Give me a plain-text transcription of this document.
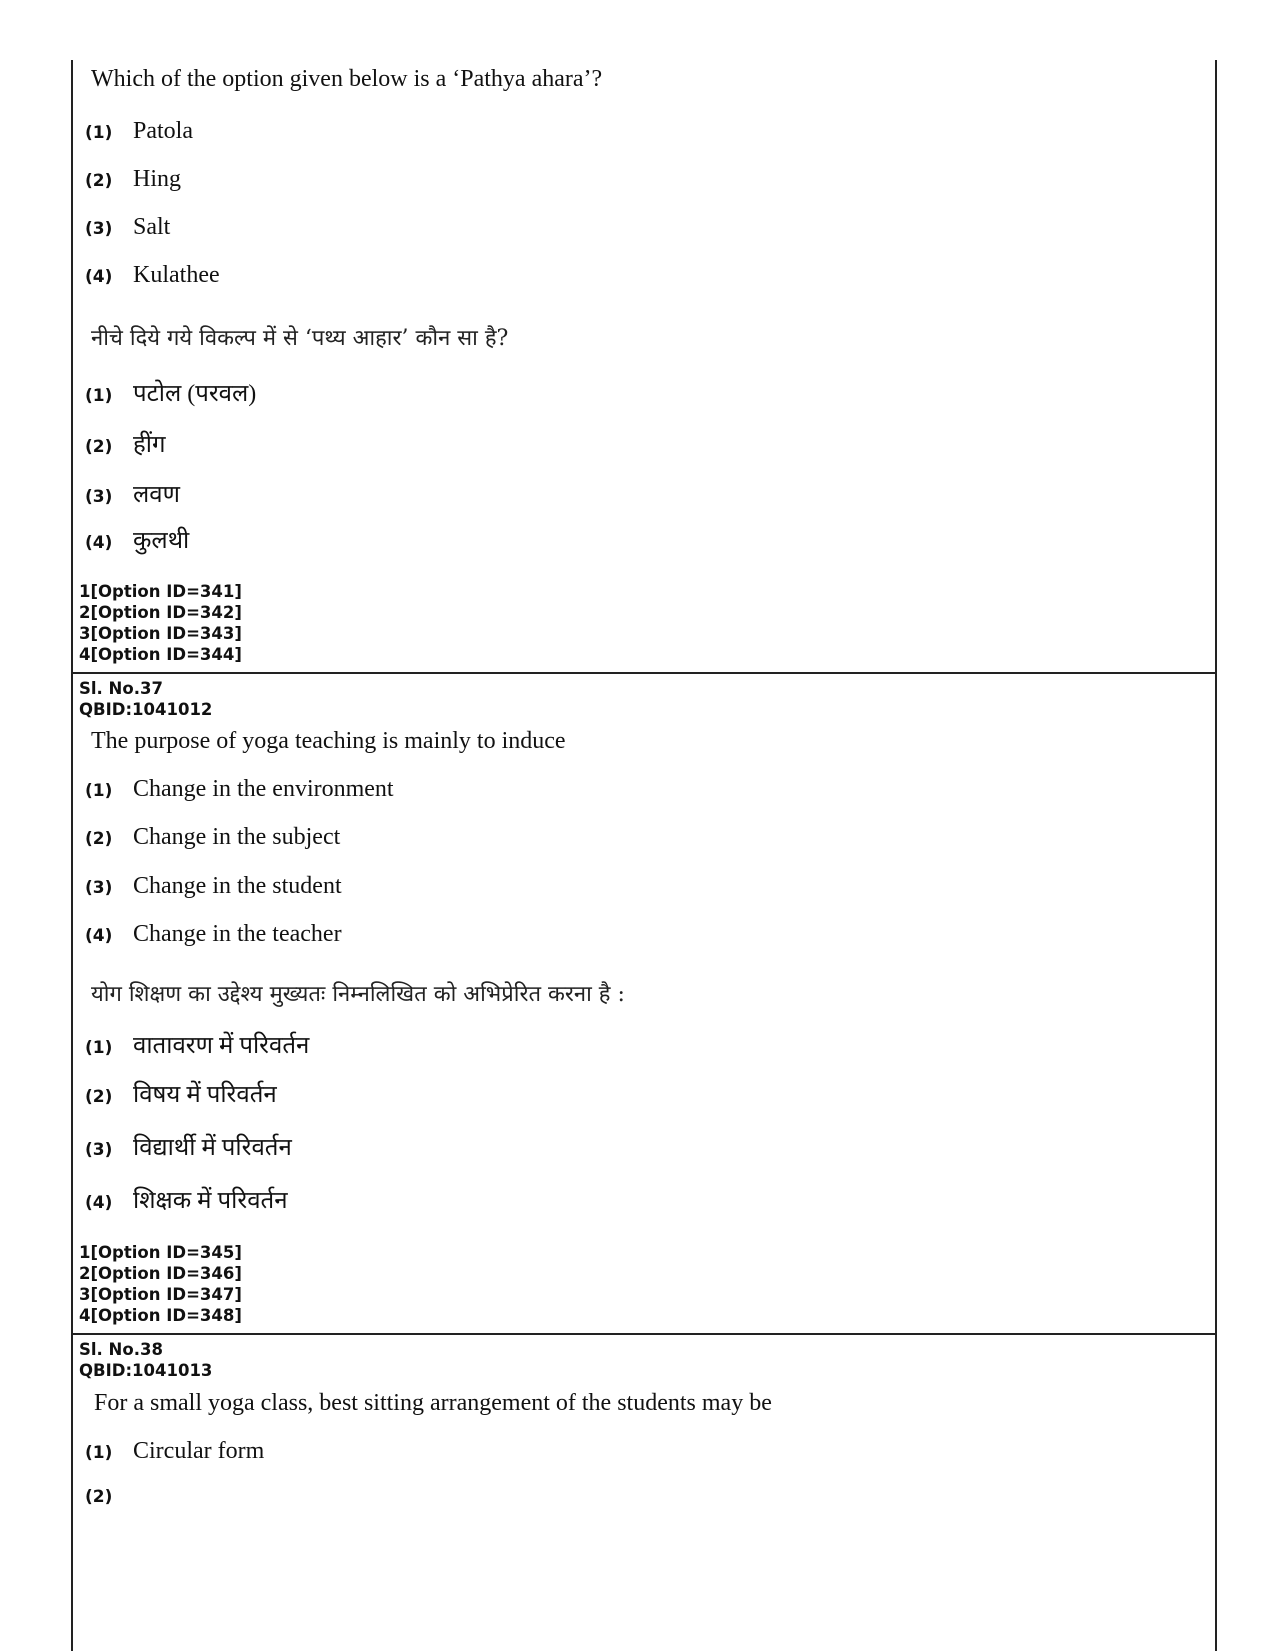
Which of the option given below is a ‘Pathya ahara’?
(1) Patola
(2) Hing
(3) Salt
(4) Kulathee
नीचे दिये गये विकल्प में से ‘पथ्य आहार’ कौन सा है?
(1) पटोल (परवल)
(2) हींग
(3) लवण
(4) कुलथी
1[Option ID=341]
2[Option ID=342]
3[Option ID=343]
4[Option ID=344]
Sl. No.37
QBID:1041012
The purpose of yoga teaching is mainly to induce
(1) Change in the environment
(2) Change in the subject
(3) Change in the student
(4) Change in the teacher
योग शिक्षण का उद्देश्य मुख्यतः निम्नलिखित को अभिप्रेरित करना है :
(1) वातावरण में परिवर्तन
(2) विषय में परिवर्तन
(3) विद्यार्थी में परिवर्तन
(4) शिक्षक में परिवर्तन
1[Option ID=345]
2[Option ID=346]
3[Option ID=347]
4[Option ID=348]
Sl. No.38
QBID:1041013
For a small yoga class, best sitting arrangement of the students may be
(1) Circular form
(2)
